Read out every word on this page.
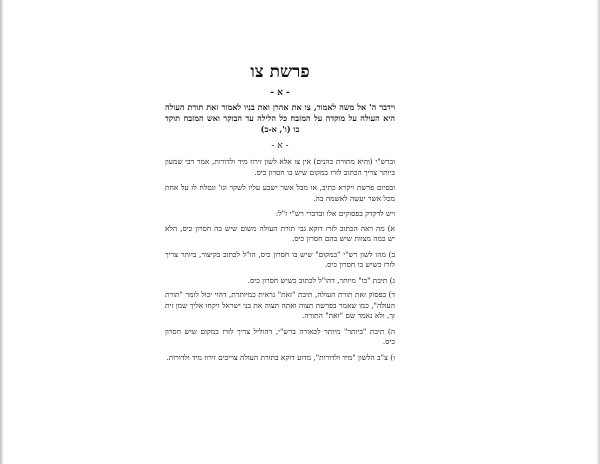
פרשת צו
- א -
וידבר ה' אל משה לאמור, צו את אהרן ואת בניו לאמור זאת תורת העולה היא העולה על מוקדה על המזבח כל הלילה עד הבוקר ואש המזבח תוקד בו (ו', א-ב)
- א -

וברש"י (והיא מתורת כהנים) אין צו אלא לשון זירוז מיד ולדורות, אמר רבי שמעון ביותר צריך הכתוב לזרז במקום שיש בו חסרון כיס.

ובסיום פרשת ויקרא כתיב, או מכל אשר ישבע עליו לשקר וגו' ונסלח לו על אחת מכל אשר יעשה לאשמה בה.

ויש לדקדק בפסוקים אלו ובדברי רש"י ז"ל:

א) מה ראה הכתוב לזרז דוקא גבי תורת העולה משום שיש בה חסרון כיס, הלא יש כמה מצוות שיש בהם חסרון כיס.

ב) מהו לשון רש"י "במקום" שיש בו חסרון כיס, הו"ל לכתוב בקיצור, ביותר צריך לזרז כשיש בו חסרון כיס.

ג) תיבת "בו" מיותר, דהו"ל לכתוב כשיש חסרון כיס.

ד) בפסוק זאת תורת העולה, תיבת "זאת" נראית כמיותרת, דהוי יכול לומר "תורת העולה", כמו שאמר בפרשת תצוה ואתה תצוה את בני ישראל ויקחו אליך שמן זית זך, ולא נאמר שם "זאת" התורה.

ה) תיבת "ביותר" מיותר לכאורה ברש"י, דהוליל צריך לזרז במקום שיש חסרון כיס.

ו) צ"ב הלשון "מיד ולדורות", מדוע דוקא בתורת העולה צריכים זירוז מיד ולדורות.
